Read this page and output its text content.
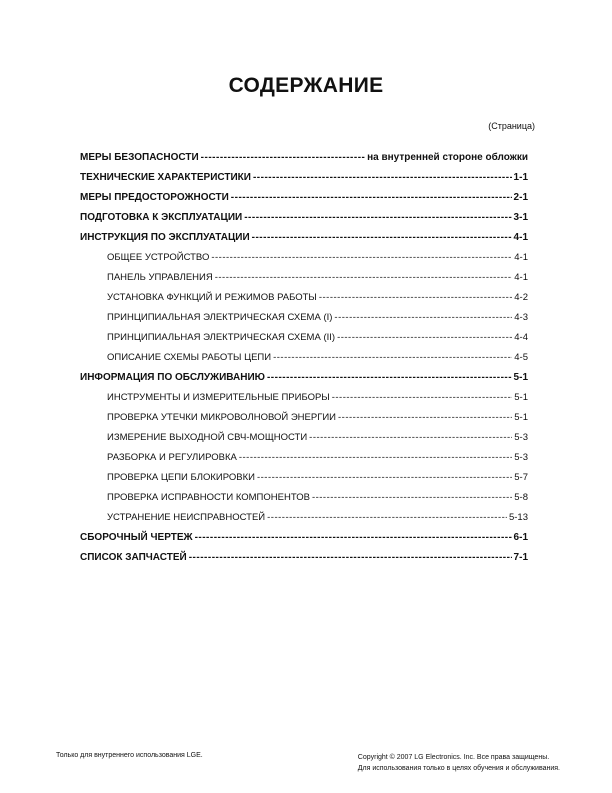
СОДЕРЖАНИЕ
(Страница)
МЕРЫ БЕЗОПАСНОСТИ -----	на внутренней стороне обложки
ТЕХНИЧЕСКИЕ ХАРАКТЕРИСТИКИ -----	1-1
МЕРЫ ПРЕДОСТОРОЖНОСТИ -----	2-1
ПОДГОТОВКА К ЭКСПЛУАТАЦИИ -----	3-1
ИНСТРУКЦИЯ ПО ЭКСПЛУАТАЦИИ -----	4-1
ОБЩЕЕ УСТРОЙСТВО -----	4-1
ПАНЕЛЬ УПРАВЛЕНИЯ -----	4-1
УСТАНОВКА ФУНКЦИЙ И РЕЖИМОВ РАБОТЫ -----	4-2
ПРИНЦИПИАЛЬНАЯ ЭЛЕКТРИЧЕСКАЯ СХЕМА (I) -----	4-3
ПРИНЦИПИАЛЬНАЯ ЭЛЕКТРИЧЕСКАЯ СХЕМА (II) -----	4-4
ОПИСАНИЕ СХЕМЫ РАБОТЫ ЦЕПИ -----	4-5
ИНФОРМАЦИЯ ПО ОБСЛУЖИВАНИЮ -----	5-1
ИНСТРУМЕНТЫ И ИЗМЕРИТЕЛЬНЫЕ ПРИБОРЫ -----	5-1
ПРОВЕРКА УТЕЧКИ МИКРОВОЛНОВОЙ ЭНЕРГИИ -----	5-1
ИЗМЕРЕНИЕ ВЫХОДНОЙ СВЧ-МОЩНОСТИ -----	5-3
РАЗБОРКА И РЕГУЛИРОВКА -----	5-3
ПРОВЕРКА ЦЕПИ БЛОКИРОВКИ -----	5-7
ПРОВЕРКА ИСПРАВНОСТИ КОМПОНЕНТОВ -----	5-8
УСТРАНЕНИЕ НЕИСПРАВНОСТЕЙ -----	5-13
СБОРОЧНЫЙ ЧЕРТЕЖ -----	6-1
СПИСОК ЗАПЧАСТЕЙ -----	7-1
Только для внутреннего использования LGE.	Copyright © 2007 LG Electronics. Inc. Все права защищены.
Для использования только в целях обучения и обслуживания.
